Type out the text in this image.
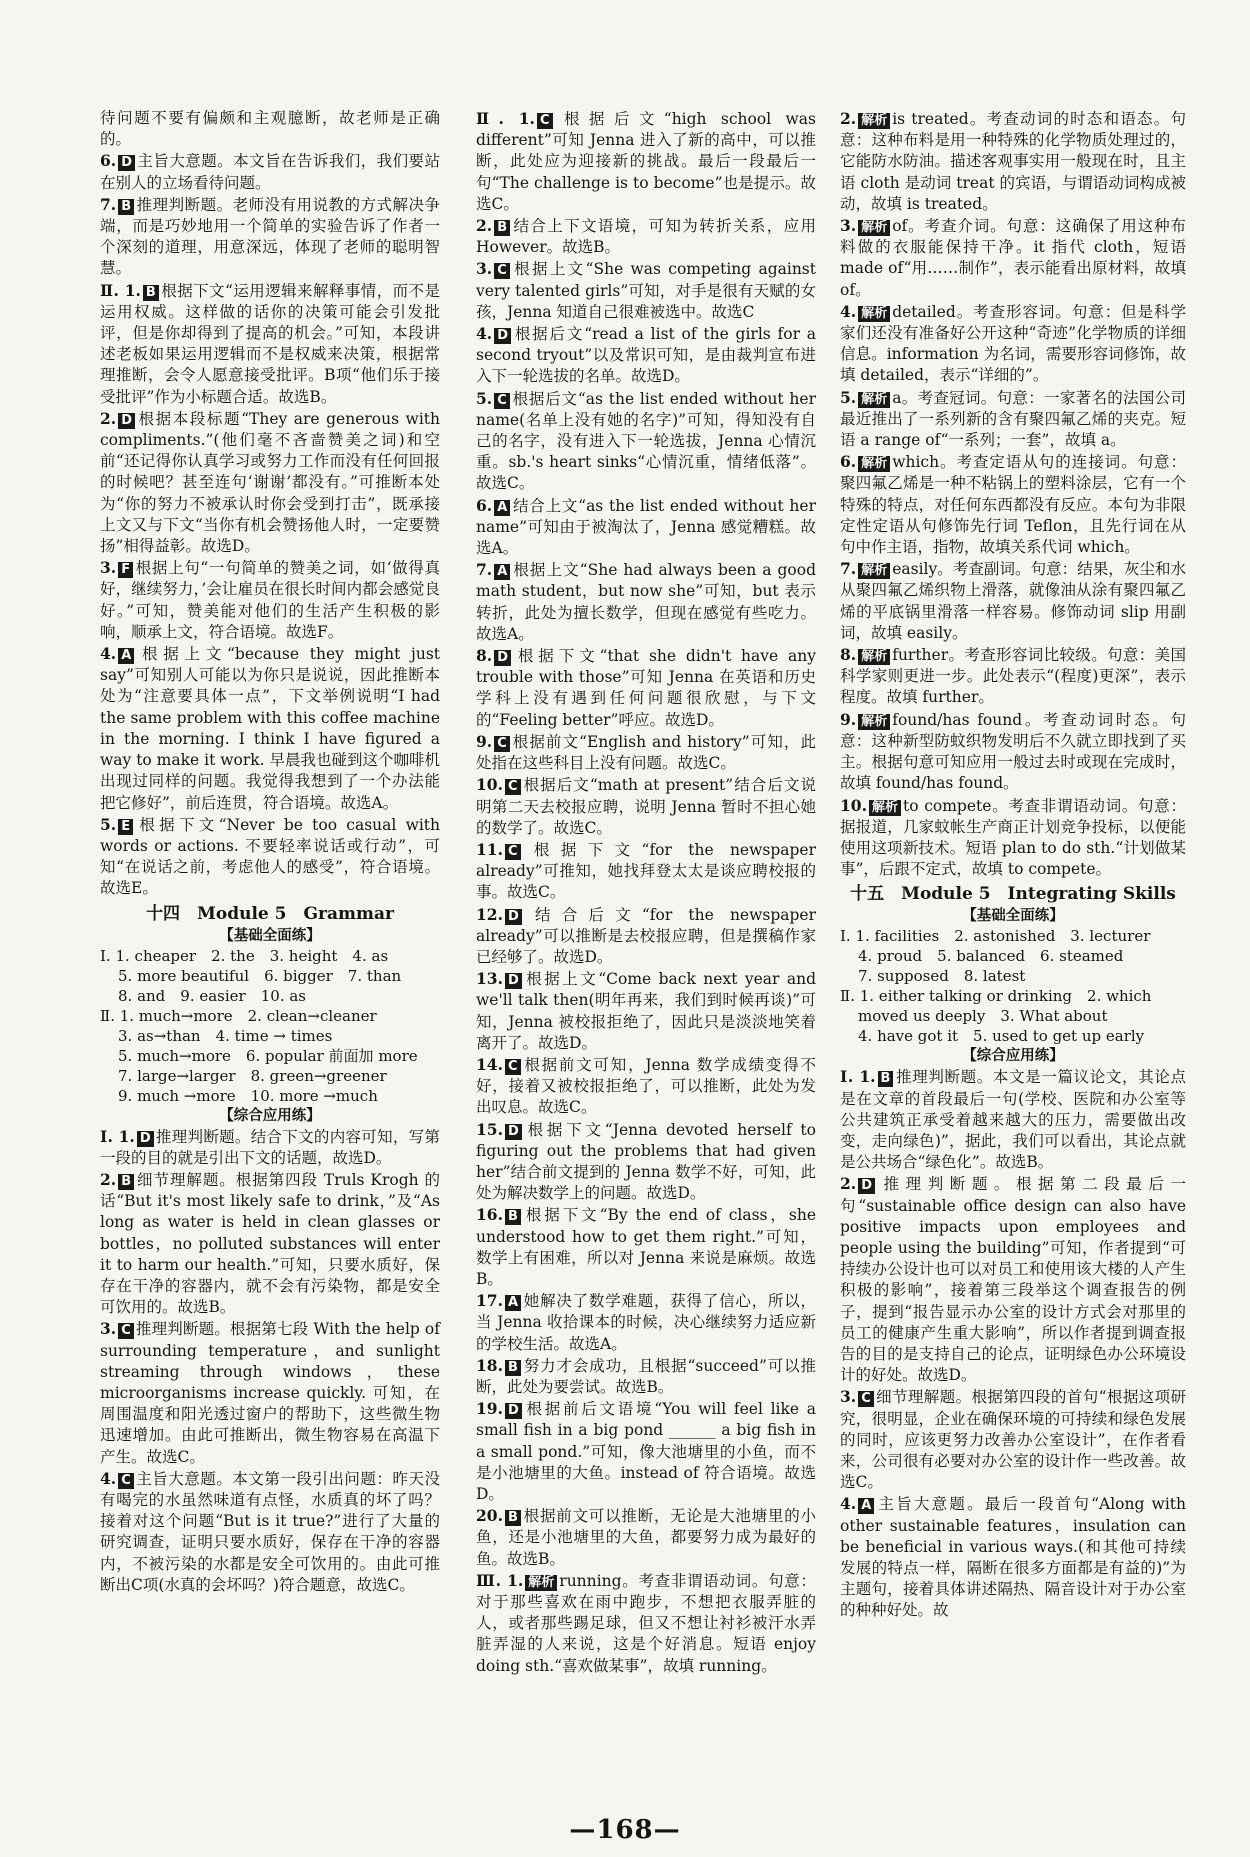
待问题不要有偏颇和主观臆断，故老师是正确的。

6. D 主旨大意题。本文旨在告诉我们，我们要站在别人的立场看待问题。

7. B 推理判断题。老师没有用说教的方式解决争端，而是巧妙地用一个简单的实验告诉了作者一个深刻的道理，用意深远，体现了老师的聪明智慧。

Ⅱ. 1. B 根据下文“运用逻辑来解释事情，而不是运用权威。这样做的话你的决策可能会引发批评，但是你却得到了提高的机会。”可知，本段讲述老板如果运用逻辑而不是权威来决策，根据常理推断，会令人愿意接受批评。B项“他们乐于接受批评”作为小标题合适。故选B。

2. D 根据本段标题“They are generous with compliments.”(他们毫不吝啬赞美之词)和空前“还记得你认真学习或努力工作而没有任何回报的时候吧？甚至连句‘谢谢’都没有。”可推断本处为“你的努力不被承认时你会受到打击”，既承接上文又与下文“当你有机会赞扬他人时，一定要赞扬”相得益彰。故选D。

3. F 根据上句“一句简单的赞美之词，如‘做得真好，继续努力，’会让雇员在很长时间内都会感觉良好。”可知，赞美能对他们的生活产生积极的影响，顺承上文，符合语境。故选F。

4. A 根据上文“because they might just say”可知别人可能以为你只是说说，因此推断本处为“注意要具体一点”，下文举例说明“I had the same problem with this coffee machine in the morning. I think I have figured a way to make it work. 早晨我也碰到这个咖啡机出现过同样的问题。我觉得我想到了一个办法能把它修好”，前后连贯，符合语境。故选A。

5. E 根据下文“Never be too casual with words or actions. 不要轻率说话或行动”，可知“在说话之前，考虑他人的感受”，符合语境。故选E。

十四　Module 5　Grammar

【 基础全面练 】

Ⅰ. 1. cheaper　2. the　3. height　4. as

5. more beautiful　6. bigger　7. than

8. and　9. easier　10. as

Ⅱ. 1. much→more　2. clean→cleaner

3. as→than　4. time → times

5. much→more　6. popular 前面加 more

7. large→larger　8. green→greener

9. much →more　10. more →much

【 综合应用练 】

Ⅰ. 1. D 推理判断题。结合下文的内容可知，写第一段的目的就是引出下文的话题，故选D。

2. B 细节理解题。根据第四段 Truls Krogh 的话“But it's most likely safe to drink，”及“As long as water is held in clean glasses or bottles，no polluted substances will enter it to harm our health.”可知，只要水质好，保存在干净的容器内，就不会有污染物，都是安全可饮用的。故选B。

3. C 推理判断题。根据第七段 With the help of surrounding temperature，and sunlight streaming through windows，these microorganisms increase quickly. 可知，在周围温度和阳光透过窗户的帮助下，这些微生物迅速增加。由此可推断出，微生物容易在高温下产生。故选C。

4. C 主旨大意题。本文第一段引出问题：昨天没有喝完的水虽然味道有点怪，水质真的坏了吗？接着对这个问题“But is it true?”进行了大量的研究调查，证明只要水质好，保存在干净的容器内，不被污染的水都是安全可饮用的。由此可推断出C项(水真的会坏吗？)符合题意，故选C。

Ⅱ. 1. C 根据后文“high school was different”可知 Jenna 进入了新的高中，可以推断，此处应为迎接新的挑战。最后一段最后一句“The challenge is to become”也是提示。故选C。

2. B 结合上下文语境，可知为转折关系，应用 However。故选B。

3. C 根据上文“She was competing against very talented girls”可知，对手是很有天赋的女孩，Jenna 知道自己很难被选中。故选C

4. D 根据后文“read a list of the girls for a second tryout”以及常识可知，是由裁判宣布进入下一轮选拔的名单。故选D。

5. C 根据后文“as the list ended without her name(名单上没有她的名字)”可知，得知没有自己的名字，没有进入下一轮选拔，Jenna 心情沉重。sb.'s heart sinks“心情沉重，情绪低落”。故选C。

6. A 结合上文“as the list ended without her name”可知由于被淘汰了，Jenna 感觉糟糕。故选A。

7. A 根据上文“She had always been a good math student，but now she”可知，but 表示转折，此处为擅长数学，但现在感觉有些吃力。故选A。

8. D 根据下文“that she didn't have any trouble with those”可知 Jenna 在英语和历史学科上没有遇到任何问题很欣慰，与下文的“Feeling better”呼应。故选D。

9. C 根据前文“English and history”可知，此处指在这些科目上没有问题。故选C。

10. C 根据后文“math at present”结合后文说明第二天去校报应聘，说明 Jenna 暂时不担心她的数学了。故选C。

11. C 根据下文“for the newspaper already”可推知，她找拜登太太是谈应聘校报的事。故选C。

12. D 结合后文“for the newspaper already”可以推断是去校报应聘，但是撰稿作家已经够了。故选D。

13. D 根据上文“Come back next year and we'll talk then(明年再来，我们到时候再谈)”可知，Jenna 被校报拒绝了，因此只是淡淡地笑着离开了。故选D。

14. C 根据前文可知，Jenna 数学成绩变得不好，接着又被校报拒绝了，可以推断，此处为发出叹息。故选C。

15. D 根据下文“Jenna devoted herself to figuring out the problems that had given her”结合前文提到的 Jenna 数学不好，可知，此处为解决数学上的问题。故选D。

16. B 根据下文“By the end of class，she understood how to get them right.”可知，数学上有困难，所以对 Jenna 来说是麻烦。故选B。

17. A 她解决了数学难题，获得了信心，所以，当 Jenna 收拾课本的时候，决心继续努力适应新的学校生活。故选A。

18. B 努力才会成功，且根据“succeed”可以推断，此处为要尝试。故选B。

19. D 根据前后文语境“You will feel like a small fish in a big pond ______ a big fish in a small pond.”可知，像大池塘里的小鱼，而不是小池塘里的大鱼。instead of 符合语境。故选D。

20. B 根据前文可以推断，无论是大池塘里的小鱼，还是小池塘里的大鱼，都要努力成为最好的鱼。故选B。

Ⅲ. 1. 解析 running。考查非谓语动词。句意：对于那些喜欢在雨中跑步，不想把衣服弄脏的人，或者那些踢足球，但又不想让衬衫被汗水弄脏弄湿的人来说，这是个好消息。短语 enjoy doing sth.“喜欢做某事”，故填 running。

2. 解析 is treated。考查动词的时态和语态。句意：这种布料是用一种特殊的化学物质处理过的，它能防水防油。描述客观事实用一般现在时，且主语 cloth 是动词 treat 的宾语，与谓语动词构成被动，故填 is treated。

3. 解析 of。考查介词。句意：这确保了用这种布料做的衣服能保持干净。it 指代 cloth，短语 made of“用……制作”，表示能看出原材料，故填 of。

4. 解析 detailed。考查形容词。句意：但是科学家们还没有准备好公开这种“奇迹”化学物质的详细信息。information 为名词，需要形容词修饰，故填 detailed，表示“详细的”。

5. 解析 a。考查冠词。句意：一家著名的法国公司最近推出了一系列新的含有聚四氟乙烯的夹克。短语 a range of“一系列；一套”，故填 a。

6. 解析 which。考查定语从句的连接词。句意：聚四氟乙烯是一种不粘锅上的塑料涂层，它有一个特殊的特点，对任何东西都没有反应。本句为非限定性定语从句修饰先行词 Teflon，且先行词在从句中作主语，指物，故填关系代词 which。

7. 解析 easily。考查副词。句意：结果，灰尘和水从聚四氟乙烯织物上滑落，就像油从涂有聚四氟乙烯的平底锅里滑落一样容易。修饰动词 slip 用副词，故填 easily。

8. 解析 further。考查形容词比较级。句意：美国科学家则更进一步。此处表示“(程度)更深”，表示程度。故填 further。

9. 解析 found/has found。考查动词时态。句意：这种新型防蚊织物发明后不久就立即找到了买主。根据句意可知应用一般过去时或现在完成时，故填 found/has found。

10. 解析 to compete。考查非谓语动词。句意：据报道，几家蚊帐生产商正计划竞争投标，以便能使用这项新技术。短语 plan to do sth.“计划做某事”，后跟不定式，故填 to compete。

十五　Module 5　Integrating Skills

【 基础全面练 】

Ⅰ. 1. facilities　2. astonished　3. lecturer

4. proud　5. balanced　6. steamed

7. supposed　8. latest

Ⅱ. 1. either talking or drinking　2. which

moved us deeply　3. What about

4. have got it　5. used to get up early

【 综合应用练 】

Ⅰ. 1. B 推理判断题。本文是一篇议论文，其论点是在文章的首段最后一句(学校、医院和办公室等公共建筑正承受着越来越大的压力，需要做出改变，走向绿色)”，据此，我们可以看出，其论点就是公共场合“绿色化”。故选B。

2. D 推理判断题。根据第二段最后一句“sustainable office design can also have positive impacts upon employees and people using the building”可知，作者提到“可持续办公设计也可以对员工和使用该大楼的人产生积极的影响”，接着第三段举这个调查报告的例子，提到“报告显示办公室的设计方式会对那里的员工的健康产生重大影响”，所以作者提到调查报告的目的是支持自己的论点，证明绿色办公环境设计的好处。故选D。

3. C 细节理解题。根据第四段的首句“根据这项研究，很明显，企业在确保环境的可持续和绿色发展的同时，应该更努力改善办公室设计”，在作者看来，公司很有必要对办公室的设计作一些改善。故选C。

4. A 主旨大意题。最后一段首句“Along with other sustainable features，insulation can be beneficial in various ways.(和其他可持续发展的特点一样，隔断在很多方面都是有益的)”为主题句，接着具体讲述隔热、隔音设计对于办公室的种种好处。故

—168—
